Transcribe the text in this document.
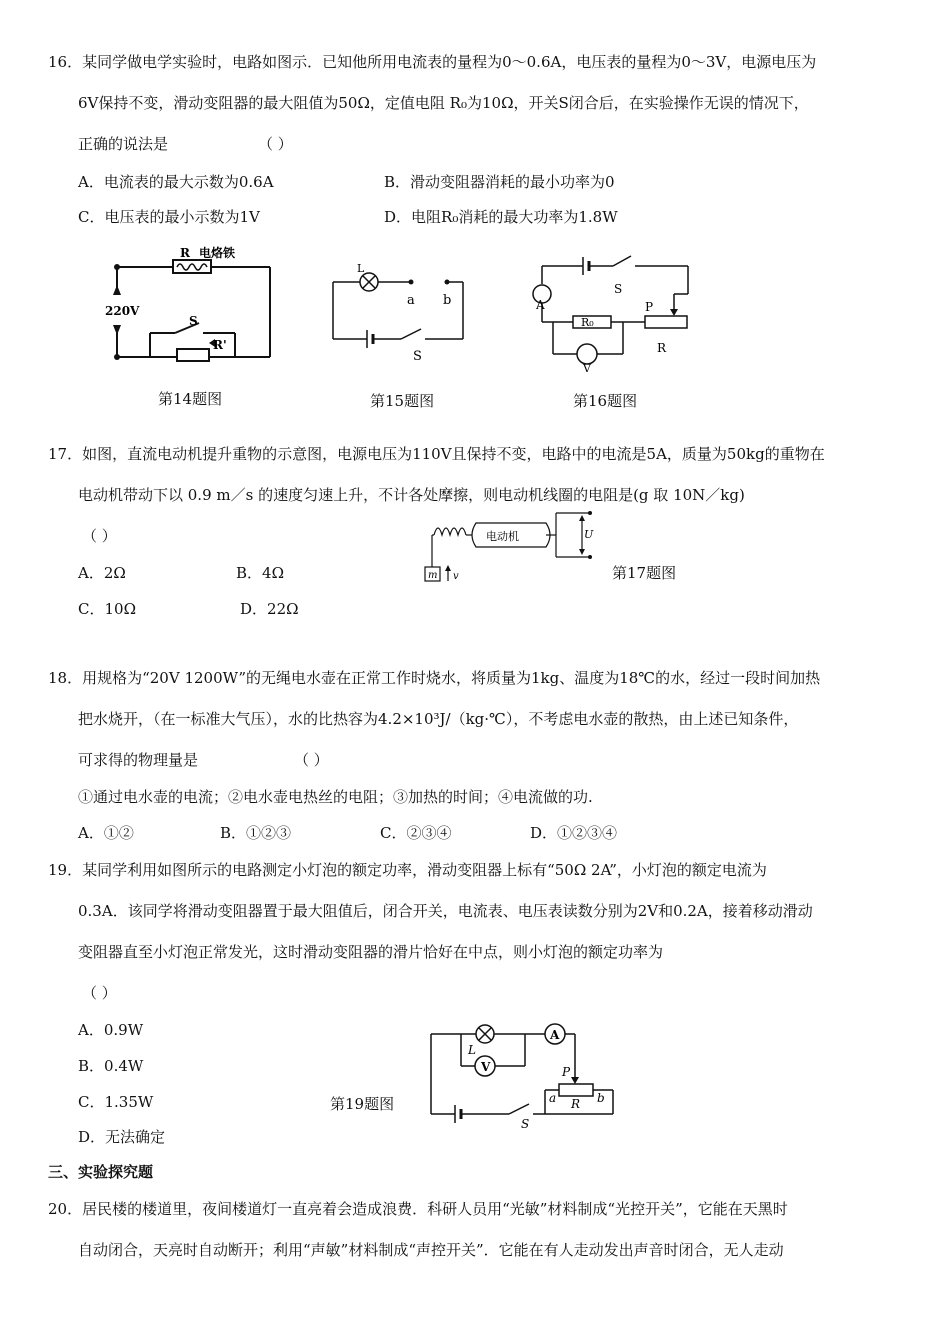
16．某同学做电学实验时，电路如图示．已知他所用电流表的量程为0～0.6A，电压表的量程为0～3V，电源电压为
6V保持不变，滑动变阻器的最大阻值为50Ω，定值电阻 R₀为10Ω，开关S闭合后，在实验操作无误的情况下，
正确的说法是	（ ）
A．电流表的最大示数为0.6A	B．滑动变阻器消耗的最小功率为0
C．电压表的最小示数为1V	D．电阻R₀消耗的最大功率为1.8W
R 电烙铁
220V
S
R'
第14题图
L
a b
S
第15题图
A
S
R₀
P
R
V
第16题图
17．如图，直流电动机提升重物的示意图，电源电压为110V且保持不变，电路中的电流是5A，质量为50kg的重物在
电动机带动下以 0.9 m／s 的速度匀速上升，不计各处摩擦，则电动机线圈的电阻是(g 取 10N／kg)
（ ）
A．2Ω	B．4Ω
C．10Ω	D．22Ω
电动机	U
m v	第17题图
18．用规格为“20V 1200W”的无绳电水壶在正常工作时烧水，将质量为1kg、温度为18℃的水，经过一段时间加热
把水烧开，（在一标准大气压），水的比热容为4.2×10³J/（kg·℃），不考虑电水壶的散热，由上述已知条件，
可求得的物理量是	（ ）
①通过电水壶的电流；②电水壶电热丝的电阻；③加热的时间；④电流做的功.
A．①②	B．①②③	C．②③④	D．①②③④
19．某同学利用如图所示的电路测定小灯泡的额定功率，滑动变阻器上标有“50Ω 2A”，小灯泡的额定电流为
0.3A．该同学将滑动变阻器置于最大阻值后，闭合开关，电流表、电压表读数分别为2V和0.2A，接着移动滑动
变阻器直至小灯泡正常发光，这时滑动变阻器的滑片恰好在中点，则小灯泡的额定功率为
（ ）
A．0.9W
B．0.4W
C．1.35W
D．无法确定
第19题图
L
A
V	P
a R b
S
三、实验探究题
20．居民楼的楼道里，夜间楼道灯一直亮着会造成浪费．科研人员用“光敏”材料制成“光控开关”，它能在天黑时
自动闭合，天亮时自动断开；利用“声敏”材料制成“声控开关”．它能在有人走动发出声音时闭合，无人走动
